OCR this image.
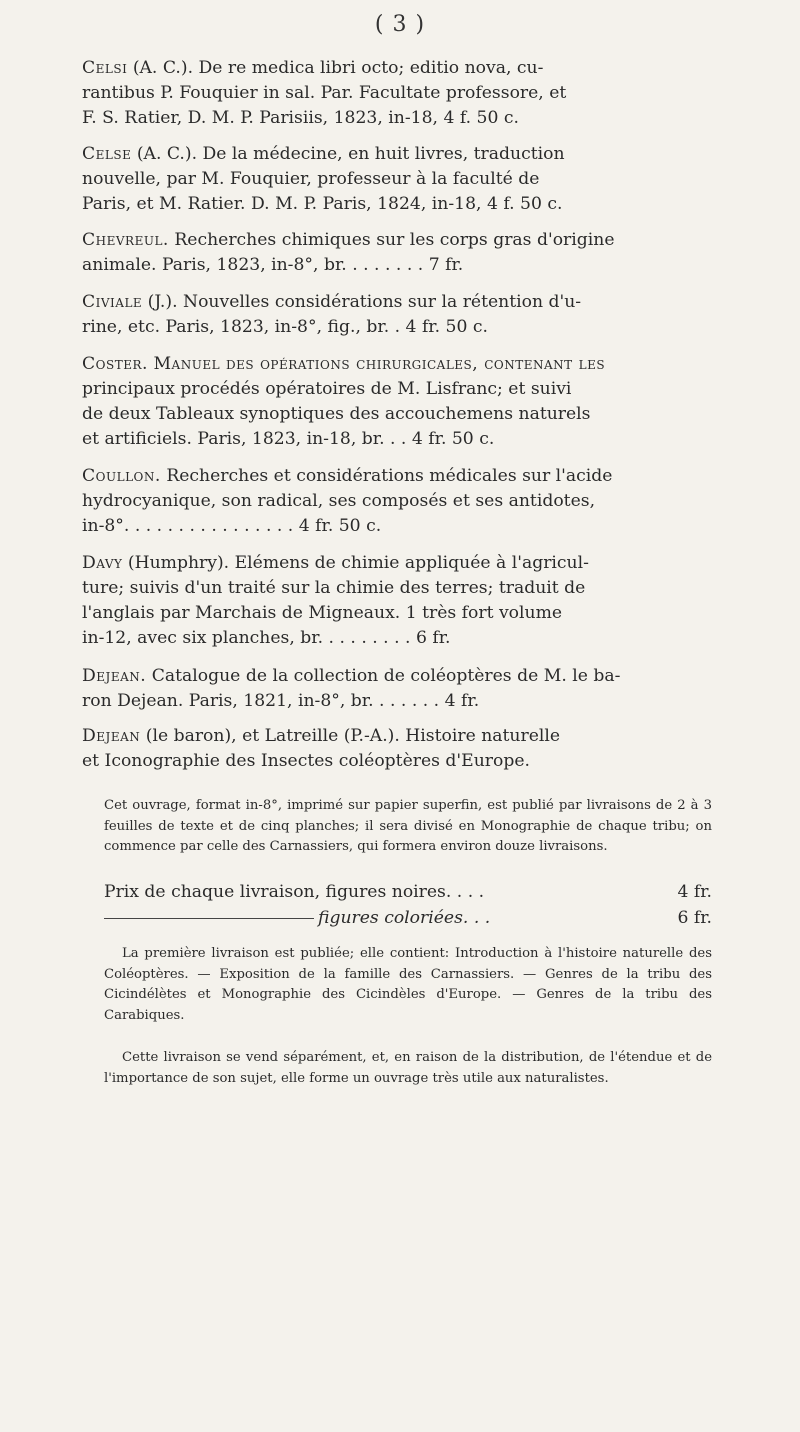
( 3 )
Celsi (A. C.). De re medica libri octo; editio nova, cu-
rantibus P. Fouquier in sal. Par. Facultate professore, et
F. S. Ratier, D. M. P. Parisiis, 1823, in-18, 4 f. 50 c.
Celse (A. C.). De la médecine, en huit livres, traduction
nouvelle, par M. Fouquier, professeur à la faculté de
Paris, et M. Ratier. D. M. P. Paris, 1824, in-18, 4 f. 50 c.
Chevreul. Recherches chimiques sur les corps gras d'origine
animale. Paris, 1823, in-8°, br. . . . . . . . 7 fr.
Civiale (J.). Nouvelles considérations sur la rétention d'u-
rine, etc. Paris, 1823, in-8°, fig., br. . 4 fr. 50 c.
Coster. Manuel des opérations chirurgicales, contenant les
principaux procédés opératoires de M. Lisfranc; et suivi
de deux Tableaux synoptiques des accouchemens naturels
et artificiels. Paris, 1823, in-18, br. . . 4 fr. 50 c.
Coullon. Recherches et considérations médicales sur l'acide
hydrocyanique, son radical, ses composés et ses antidotes,
in-8°. . . . . . . . . . . . . . . . 4 fr. 50 c.
Davy (Humphry). Elémens de chimie appliquée à l'agricul-
ture; suivis d'un traité sur la chimie des terres; traduit de
l'anglais par Marchais de Migneaux. 1 très fort volume
in-12, avec six planches, br. . . . . . . . . 6 fr.
Dejean. Catalogue de la collection de coléoptères de M. le ba-
ron Dejean. Paris, 1821, in-8°, br. . . . . . . 4 fr.
Dejean (le baron), et Latreille (P.-A.). Histoire naturelle
et Iconographie des Insectes coléoptères d'Europe.
Cet ouvrage, format in-8°, imprimé sur papier superfin, est publié par livraisons de 2 à 3 feuilles de texte et de cinq planches; il sera divisé en Monographie de chaque tribu; on commence par celle des Carnassiers, qui formera environ douze livraisons.
Prix de chaque livraison, figures noires. . . .	4 fr.
figures coloriées. . .	6 fr.
La première livraison est publiée; elle contient: Introduction à l'histoire naturelle des Coléoptères. — Exposition de la famille des Carnassiers. — Genres de la tribu des Cicindélètes et Monographie des Cicindèles d'Europe. — Genres de la tribu des Carabiques.
Cette livraison se vend séparément, et, en raison de la distribution, de l'étendue et de l'importance de son sujet, elle forme un ouvrage très utile aux naturalistes.
